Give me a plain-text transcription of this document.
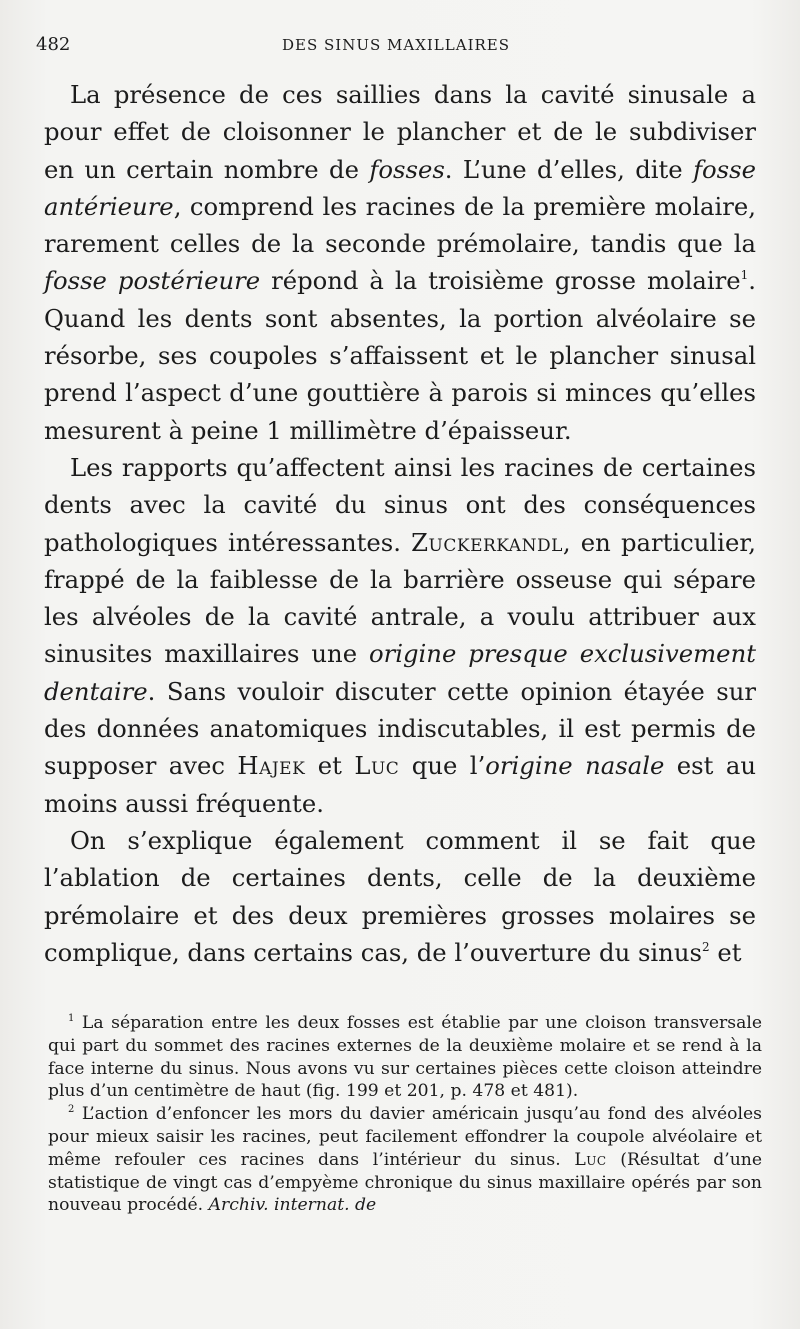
482	DES SINUS MAXILLAIRES

La présence de ces saillies dans la cavité sinusale a pour effet de cloisonner le plancher et de le subdiviser en un certain nombre de fosses. L’une d’elles, dite fosse antérieure, comprend les racines de la première molaire, rarement celles de la seconde prémolaire, tandis que la fosse postérieure répond à la troisième grosse molaire$^1$. Quand les dents sont absentes, la portion alvéolaire se résorbe, ses coupoles s’affaissent et le plancher sinusal prend l’aspect d’une gouttière à parois si minces qu’elles mesurent à peine 1 millimètre d’épaisseur.

Les rapports qu’affectent ainsi les racines de certaines dents avec la cavité du sinus ont des conséquences pathologiques intéressantes. Zuckerkandl, en particulier, frappé de la faiblesse de la barrière osseuse qui sépare les alvéoles de la cavité antrale, a voulu attribuer aux sinusites maxillaires une origine presque exclusivement dentaire. Sans vouloir discuter cette opinion étayée sur des données anatomiques indiscutables, il est permis de supposer avec Hajek et Luc que l’origine nasale est au moins aussi fréquente.

On s’explique également comment il se fait que l’ablation de certaines dents, celle de la deuxième prémolaire et des deux premières grosses molaires se complique, dans certains cas, de l’ouverture du sinus$^2$ et

$^1$ La séparation entre les deux fosses est établie par une cloison transversale qui part du sommet des racines externes de la deuxième molaire et se rend à la face interne du sinus. Nous avons vu sur certaines pièces cette cloison atteindre plus d’un centimètre de haut (fig. 199 et 201, p. 478 et 481).

$^2$ L’action d’enfoncer les mors du davier américain jusqu’au fond des alvéoles pour mieux saisir les racines, peut facilement effondrer la coupole alvéolaire et même refouler ces racines dans l’intérieur du sinus. Luc (Résultat d’une statistique de vingt cas d’empyème chronique du sinus maxillaire opérés par son nouveau procédé. Archiv. internat. de
